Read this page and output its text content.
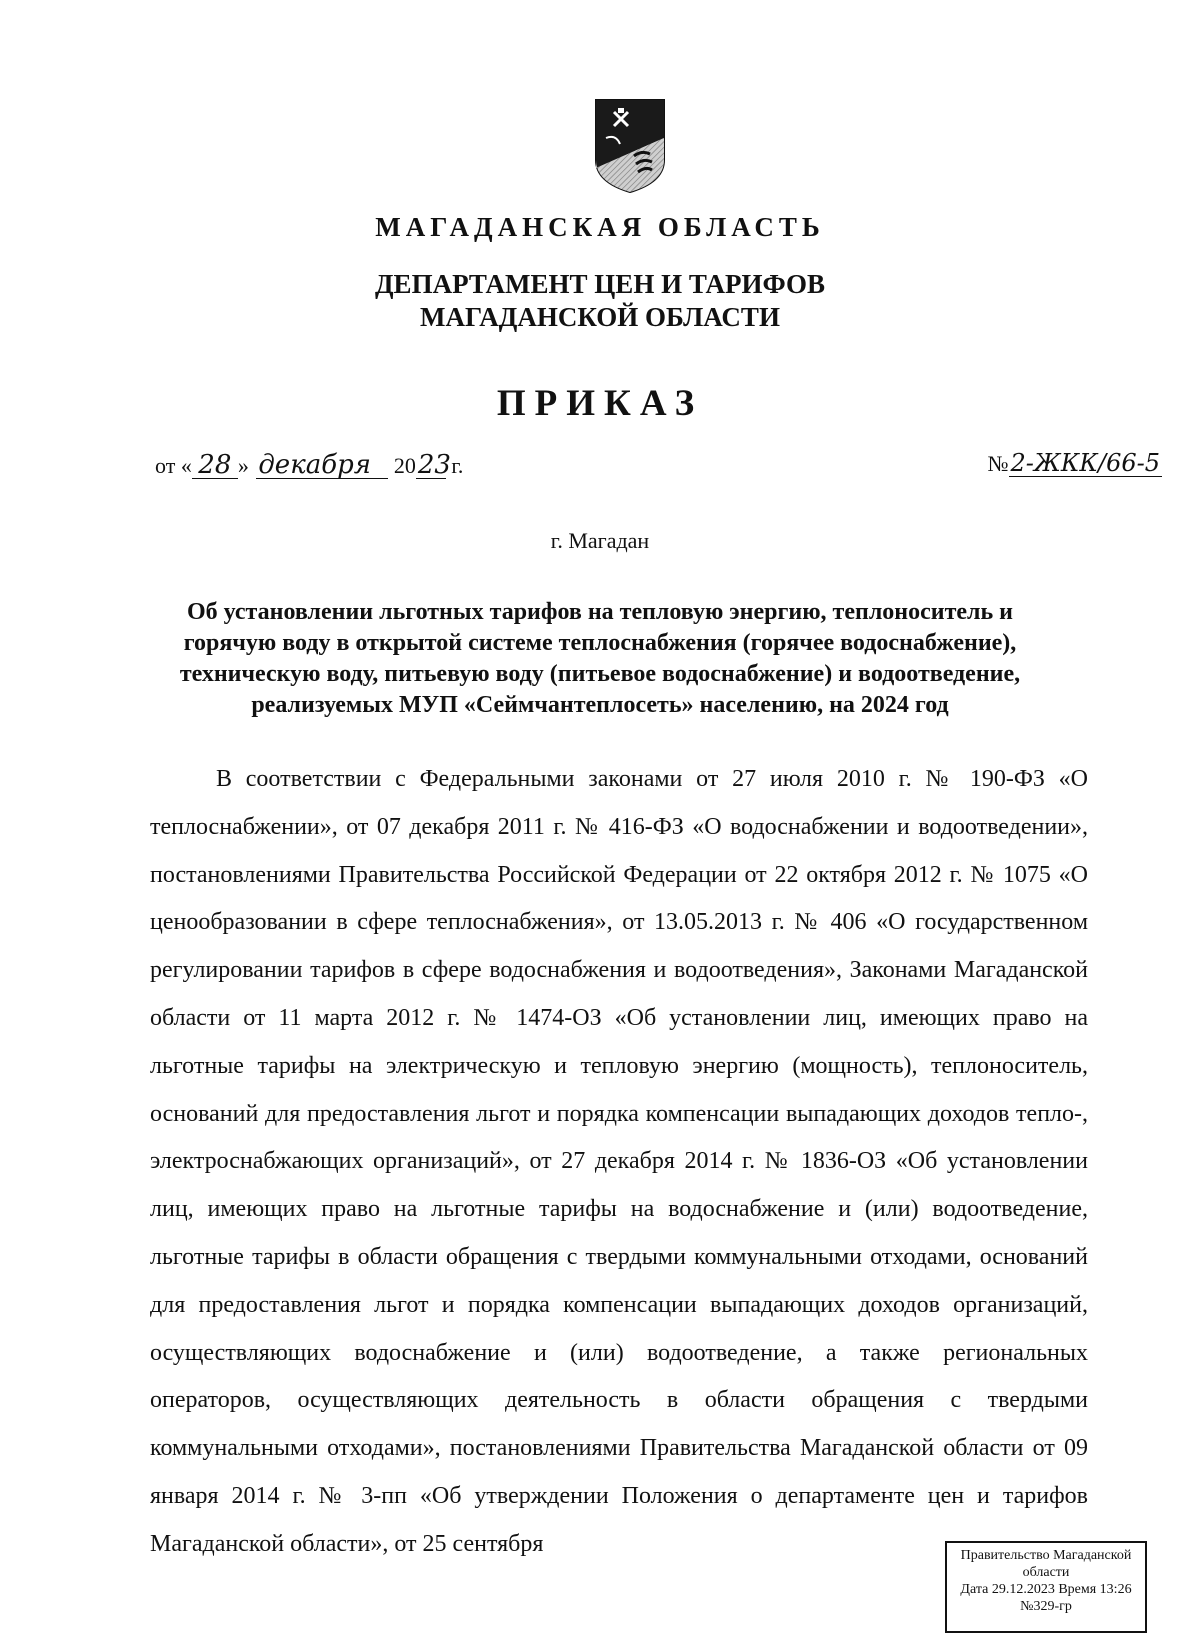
МАГАДАНСКАЯ ОБЛАСТЬ
ДЕПАРТАМЕНТ ЦЕН И ТАРИФОВ
МАГАДАНСКОЙ ОБЛАСТИ
ПРИКАЗ
от « 28 » декабря 2023 г.	№2-ЖКК/66-5
г. Магадан
Об установлении льготных тарифов на тепловую энергию, теплоноситель и горячую воду в открытой системе теплоснабжения (горячее водоснабжение), техническую воду, питьевую воду (питьевое водоснабжение) и водоотведение, реализуемых МУП «Сеймчантеплосеть» населению, на 2024 год

В соответствии с Федеральными законами от 27 июля 2010 г. № 190-ФЗ «О теплоснабжении», от 07 декабря 2011 г. № 416-ФЗ «О водоснабжении и водоотведении», постановлениями Правительства Российской Федерации от 22 октября 2012 г. № 1075 «О ценообразовании в сфере теплоснабжения», от 13.05.2013 г. № 406 «О государственном регулировании тарифов в сфере водоснабжения и водоотведения», Законами Магаданской области от 11 марта 2012 г. № 1474-ОЗ «Об установлении лиц, имеющих право на льготные тарифы на электрическую и тепловую энергию (мощность), теплоноситель, оснований для предоставления льгот и порядка компенсации выпадающих доходов тепло-, электроснабжающих организаций», от 27 декабря 2014 г. № 1836-ОЗ «Об установлении лиц, имеющих право на льготные тарифы на водоснабжение и (или) водоотведение, льготные тарифы в области обращения с твердыми коммунальными отходами, оснований для предоставления льгот и порядка компенсации выпадающих доходов организаций, осуществляющих водоснабжение и (или) водоотведение, а также региональных операторов, осуществляющих деятельность в области обращения с твердыми коммунальными отходами», постановлениями Правительства Магаданской области от 09 января 2014 г. № 3-пп «Об утверждении Положения о департаменте цен и тарифов Магаданской области», от 25 сентября	Правительство Магаданской
области
Дата 29.12.2023 Время 13:26
№329-гр
